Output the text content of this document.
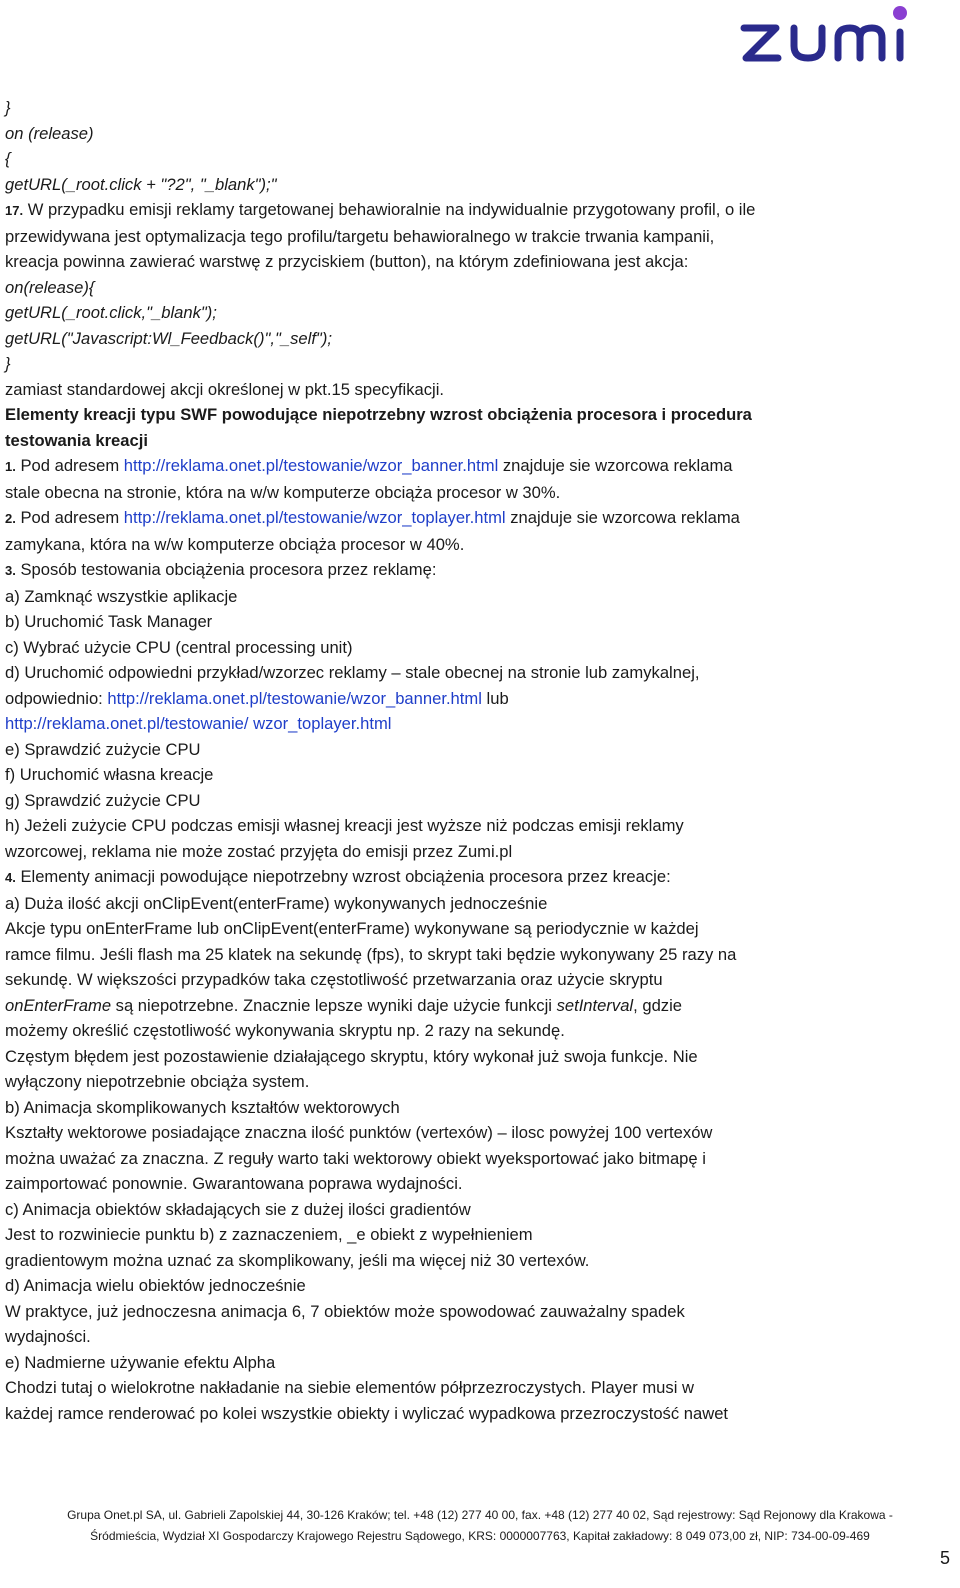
}
on (release)
{
getURL(_root.click + "?2", "_blank");"
17. W przypadku emisji reklamy targetowanej behawioralnie na indywidualnie przygotowany profil, o ile
przewidywana jest optymalizacja tego profilu/targetu behawioralnego w trakcie trwania kampanii,
kreacja powinna zawierać warstwę z przyciskiem (button), na którym zdefiniowana jest akcja:
on(release){
getURL(_root.click,"_blank");
getURL("Javascript:Wl_Feedback()","_self");
}
zamiast standardowej akcji określonej w pkt.15 specyfikacji.
Elementy kreacji typu SWF powodujące niepotrzebny wzrost obciążenia procesora i procedura
testowania kreacji
1. Pod adresem http://reklama.onet.pl/testowanie/wzor_banner.html znajduje sie wzorcowa reklama
stale obecna na stronie, która na w/w komputerze obciąża procesor w 30%.
2. Pod adresem http://reklama.onet.pl/testowanie/wzor_toplayer.html znajduje sie wzorcowa reklama
zamykana, która na w/w komputerze obciąża procesor w 40%.
3. Sposób testowania obciążenia procesora przez reklamę:
a) Zamknąć wszystkie aplikacje
b) Uruchomić Task Manager
c) Wybrać użycie CPU (central processing unit)
d) Uruchomić odpowiedni przykład/wzorzec reklamy – stale obecnej na stronie lub zamykalnej,
odpowiednio: http://reklama.onet.pl/testowanie/wzor_banner.html lub
http://reklama.onet.pl/testowanie/ wzor_toplayer.html
e) Sprawdzić zużycie CPU
f) Uruchomić własna kreacje
g) Sprawdzić zużycie CPU
h) Jeżeli zużycie CPU podczas emisji własnej kreacji jest wyższe niż podczas emisji reklamy
wzorcowej, reklama nie może zostać przyjęta do emisji przez Zumi.pl
4. Elementy animacji powodujące niepotrzebny wzrost obciążenia procesora przez kreacje:
a) Duża ilość akcji onClipEvent(enterFrame) wykonywanych jednocześnie
Akcje typu onEnterFrame lub onClipEvent(enterFrame) wykonywane są periodycznie w każdej
ramce filmu. Jeśli flash ma 25 klatek na sekundę (fps), to skrypt taki będzie wykonywany 25 razy na
sekundę. W większości przypadków taka częstotliwość przetwarzania oraz użycie skryptu
onEnterFrame są niepotrzebne. Znacznie lepsze wyniki daje użycie funkcji setInterval, gdzie
możemy określić częstotliwość wykonywania skryptu np. 2 razy na sekundę.
Częstym błędem jest pozostawienie działającego skryptu, który wykonał już swoja funkcje. Nie
wyłączony niepotrzebnie obciąża system.
b) Animacja skomplikowanych kształtów wektorowych
Kształty wektorowe posiadające znaczna ilość punktów (vertexów) – ilosc powyżej 100 vertexów
można uważać za znaczna. Z reguły warto taki wektorowy obiekt wyeksportować jako bitmapę i
zaimportować ponownie. Gwarantowana poprawa wydajności.
c) Animacja obiektów składających sie z dużej ilości gradientów
Jest to rozwiniecie punktu b) z zaznaczeniem, _e obiekt z wypełnieniem
gradientowym można uznać za skomplikowany, jeśli ma więcej niż 30 vertexów.
d) Animacja wielu obiektów jednocześnie
W praktyce, już jednoczesna animacja 6, 7 obiektów może spowodować zauważalny spadek
wydajności.
e) Nadmierne używanie efektu Alpha
Chodzi tutaj o wielokrotne nakładanie na siebie elementów półprzezroczystych. Player musi w
każdej ramce renderować po kolei wszystkie obiekty i wyliczać wypadkowa przezroczystość nawet
Grupa Onet.pl SA, ul. Gabrieli Zapolskiej 44, 30-126 Kraków; tel. +48 (12) 277 40 00, fax. +48 (12) 277 40 02, Sąd rejestrowy: Sąd Rejonowy dla Krakowa -
Śródmieścia, Wydział XI Gospodarczy Krajowego Rejestru Sądowego, KRS: 0000007763, Kapitał zakładowy: 8 049 073,00 zł, NIP: 734-00-09-469
5
